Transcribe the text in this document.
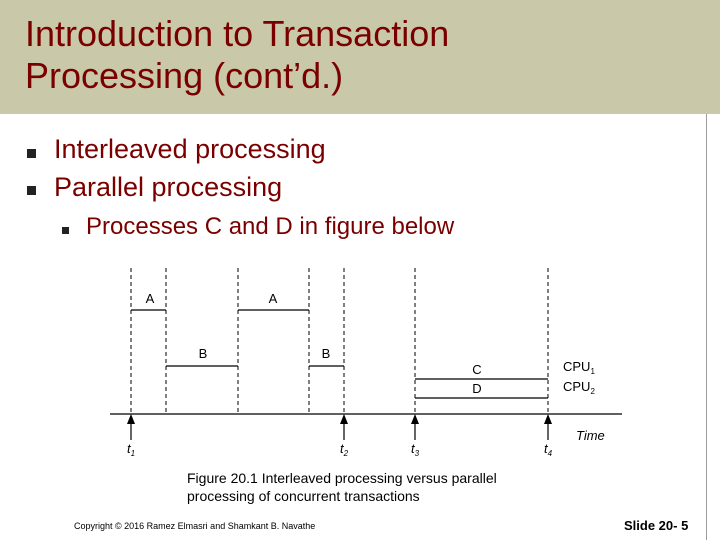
Introduction to Transaction
Processing (cont’d.)
Interleaved processing
Parallel processing
Processes C and D in figure below
A	A
B	B
C
D
$CPU_1$
$CPU_2$
$t_1$	$t_2$	$t_3$	$t_4$
Time
Figure 20.1 Interleaved processing versus parallel
processing of concurrent transactions
Copyright © 2016 Ramez Elmasri and Shamkant B. Navathe	Slide 20- 5
